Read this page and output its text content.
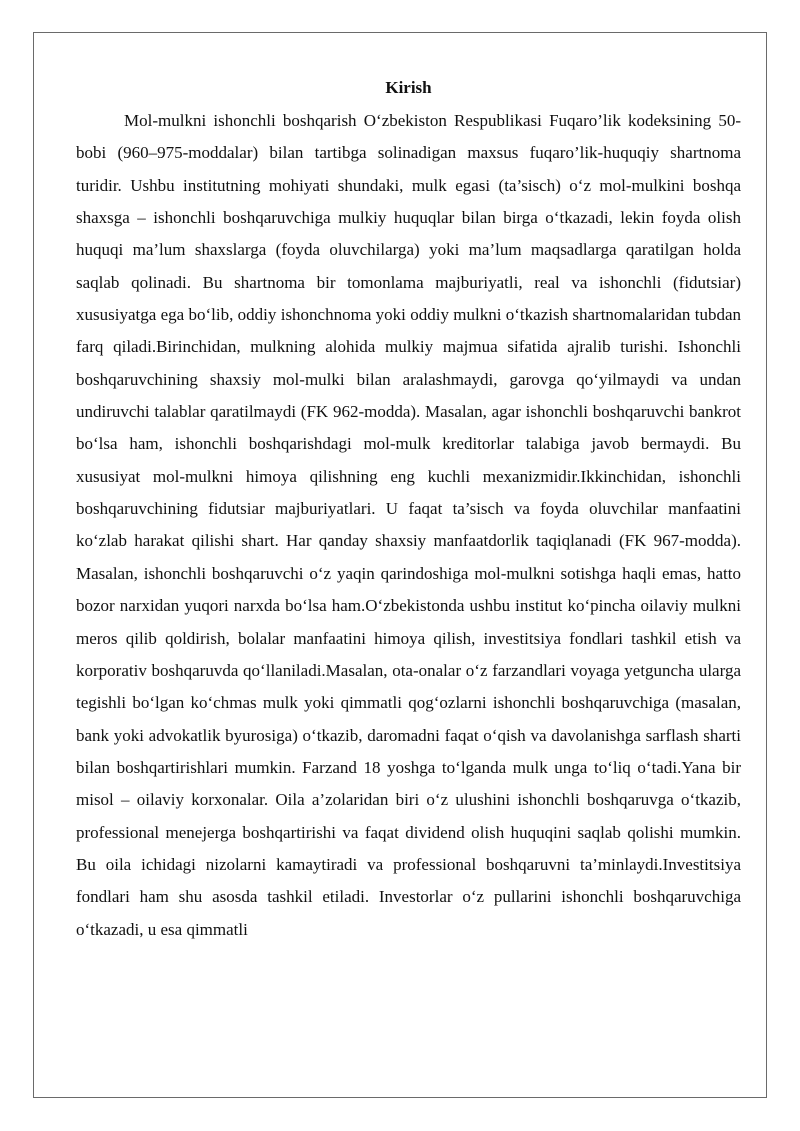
Kirish

Mol-mulkni ishonchli boshqarish O‘zbekiston Respublikasi Fuqaro’lik kodeksining 50-bobi (960–975-moddalar) bilan tartibga solinadigan maxsus fuqaro’lik-huquqiy shartnoma turidir. Ushbu institutning mohiyati shundaki, mulk egasi (ta’sisch) o‘z mol-mulkini boshqa shaxsga – ishonchli boshqaruvchiga mulkiy huquqlar bilan birga o‘tkazadi, lekin foyda olish huquqi ma’lum shaxslarga (foyda oluvchilarga) yoki ma’lum maqsadlarga qaratilgan holda saqlab qolinadi. Bu shartnoma bir tomonlama majburiyatli, real va ishonchli (fidutsiar) xususiyatga ega bo‘lib, oddiy ishonchnoma yoki oddiy mulkni o‘tkazish shartnomalaridan tubdan farq qiladi.Birinchidan, mulkning alohida mulkiy majmua sifatida ajralib turishi. Ishonchli boshqaruvchining shaxsiy mol-mulki bilan aralashmaydi, garovga qo‘yilmaydi va undan undiruvchi talablar qaratilmaydi (FK 962-modda). Masalan, agar ishonchli boshqaruvchi bankrot bo‘lsa ham, ishonchli boshqarishdagi mol-mulk kreditorlar talabiga javob bermaydi. Bu xususiyat mol-mulkni himoya qilishning eng kuchli mexanizmidir.Ikkinchidan, ishonchli boshqaruvchining fidutsiar majburiyatlari. U faqat ta’sisch va foyda oluvchilar manfaatini ko‘zlab harakat qilishi shart. Har qanday shaxsiy manfaatdorlik taqiqlanadi (FK 967-modda). Masalan, ishonchli boshqaruvchi o‘z yaqin qarindoshiga mol-mulkni sotishga haqli emas, hatto bozor narxidan yuqori narxda bo‘lsa ham.O‘zbekistonda ushbu institut ko‘pincha oilaviy mulkni meros qilib qoldirish, bolalar manfaatini himoya qilish, investitsiya fondlari tashkil etish va korporativ boshqaruvda qo‘llaniladi.Masalan, ota-onalar o‘z farzandlari voyaga yetguncha ularga tegishli bo‘lgan ko‘chmas mulk yoki qimmatli qog‘ozlarni ishonchli boshqaruvchiga (masalan, bank yoki advokatlik byurosiga) o‘tkazib, daromadni faqat o‘qish va davolanishga sarflash sharti bilan boshqartirishlari mumkin. Farzand 18 yoshga to‘lganda mulk unga to‘liq o‘tadi.Yana bir misol – oilaviy korxonalar. Oila a’zolaridan biri o‘z ulushini ishonchli boshqaruvga o‘tkazib, professional menejerga boshqartirishi va faqat dividend olish huquqini saqlab qolishi mumkin. Bu oila ichidagi nizolarni kamaytiradi va professional boshqaruvni ta’minlaydi.Investitsiya fondlari ham shu asosda tashkil etiladi. Investorlar o‘z pullarini ishonchli boshqaruvchiga o‘tkazadi, u esa qimmatli
